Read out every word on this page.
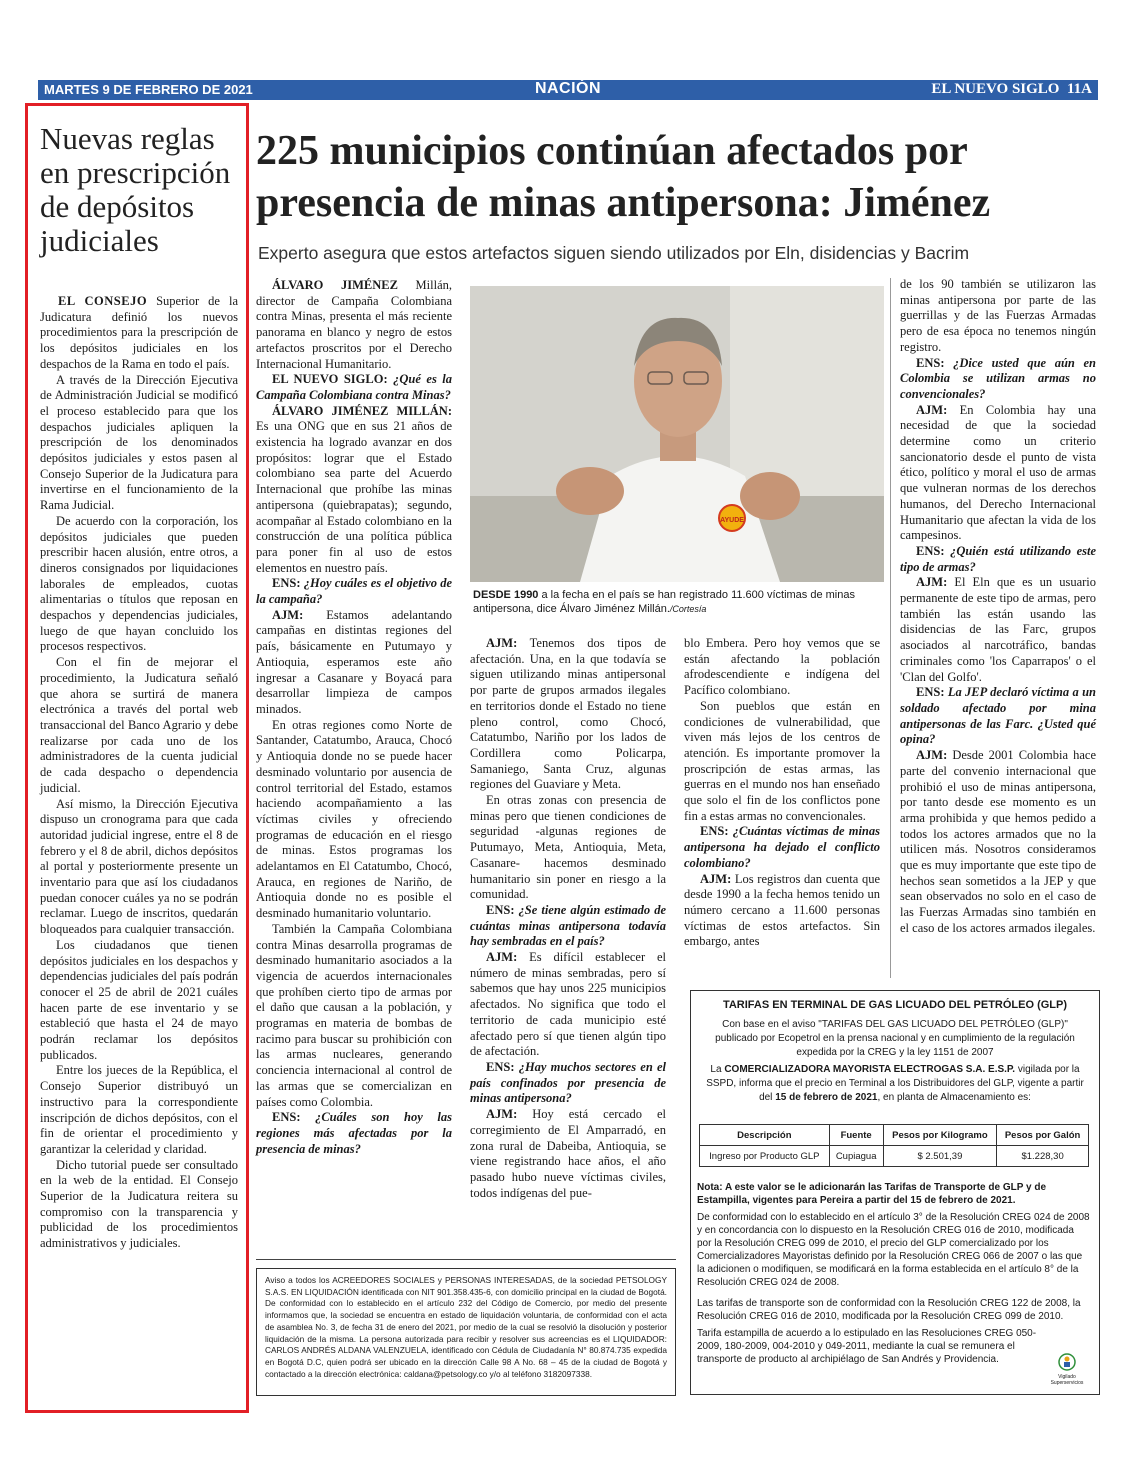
MARTES 9 DE FEBRERO DE 2021	NACIÓN	EL NUEVO SIGLO 11A
Nuevas reglas en prescripción de depósitos judiciales

EL CONSEJO Superior de la Judicatura definió los nuevos procedimientos para la prescripción de los depósitos judiciales en los despachos de la Rama en todo el país.

A través de la Dirección Ejecutiva de Administración Judicial se modificó el proceso establecido para que los despachos judiciales apliquen la prescripción de los denominados depósitos judiciales y estos pasen al Consejo Superior de la Judicatura para invertirse en el funcionamiento de la Rama Judicial.

De acuerdo con la corporación, los depósitos judiciales que pueden prescribir hacen alusión, entre otros, a dineros consignados por liquidaciones laborales de empleados, cuotas alimentarias o títulos que reposan en despachos y dependencias judiciales, luego de que hayan concluido los procesos respectivos.

Con el fin de mejorar el procedimiento, la Judicatura señaló que ahora se surtirá de manera electrónica a través del portal web transaccional del Banco Agrario y debe realizarse por cada uno de los administradores de la cuenta judicial de cada despacho o dependencia judicial.

Así mismo, la Dirección Ejecutiva dispuso un cronograma para que cada autoridad judicial ingrese, entre el 8 de febrero y el 8 de abril, dichos depósitos al portal y posteriormente presente un inventario para que así los ciudadanos puedan conocer cuáles ya no se podrán reclamar. Luego de inscritos, quedarán bloqueados para cualquier transacción.

Los ciudadanos que tienen depósitos judiciales en los despachos y dependencias judiciales del país podrán conocer el 25 de abril de 2021 cuáles hacen parte de ese inventario y se estableció que hasta el 24 de mayo podrán reclamar los depósitos publicados.

Entre los jueces de la República, el Consejo Superior distribuyó un instructivo para la correspondiente inscripción de dichos depósitos, con el fin de orientar el procedimiento y garantizar la celeridad y claridad.

Dicho tutorial puede ser consultado en la web de la entidad. El Consejo Superior de la Judicatura reitera su compromiso con la transparencia y publicidad de los procedimientos administrativos y judiciales.

225 municipios continúan afectados por presencia de minas antipersona: Jiménez
Experto asegura que estos artefactos siguen siendo utilizados por Eln, disidencias y Bacrim

ÁLVARO JIMÉNEZ Millán, director de Campaña Colombiana contra Minas, presenta el más reciente panorama en blanco y negro de estos artefactos proscritos por el Derecho Internacional Humanitario.

EL NUEVO SIGLO: ¿Qué es la Campaña Colombiana contra Minas?

ÁLVARO JIMÉNEZ MILLÁN: Es una ONG que en sus 21 años de existencia ha logrado avanzar en dos propósitos: lograr que el Estado colombiano sea parte del Acuerdo Internacional que prohíbe las minas antipersona (quiebrapatas); segundo, acompañar al Estado colombiano en la construcción de una política pública para poner fin al uso de estos elementos en nuestro país.

ENS: ¿Hoy cuáles es el objetivo de la campaña?

AJM: Estamos adelantando campañas en distintas regiones del país, básicamente en Putumayo y Antioquia, esperamos este año ingresar a Casanare y Boyacá para desarrollar limpieza de campos minados.

En otras regiones como Norte de Santander, Catatumbo, Arauca, Chocó y Antioquia donde no se puede hacer desminado voluntario por ausencia de control territorial del Estado, estamos haciendo acompañamiento a las víctimas civiles y ofreciendo programas de educación en el riesgo de minas. Estos programas los adelantamos en El Catatumbo, Chocó, Arauca, en regiones de Nariño, de Antioquia donde no es posible el desminado humanitario voluntario.

También la Campaña Colombiana contra Minas desarrolla programas de desminado humanitario asociados a la vigencia de acuerdos internacionales que prohíben cierto tipo de armas por el daño que causan a la población, y programas en materia de bombas de racimo para buscar su prohibición con las armas nucleares, generando conciencia internacional al control de las armas que se comercializan en países como Colombia.

ENS: ¿Cuáles son hoy las regiones más afectadas por la presencia de minas?

AYUDE
DESDE 1990 a la fecha en el país se han registrado 11.600 víctimas de minas antipersona, dice Álvaro Jiménez Millán./Cortesía

AJM: Tenemos dos tipos de afectación. Una, en la que todavía se siguen utilizando minas antipersonal por parte de grupos armados ilegales en territorios donde el Estado no tiene pleno control, como Chocó, Catatumbo, Nariño por los lados de Cordillera como Policarpa, Samaniego, Santa Cruz, algunas regiones del Guaviare y Meta.

En otras zonas con presencia de minas pero que tienen condiciones de seguridad -algunas regiones de Putumayo, Meta, Antioquia, Meta, Casanare- hacemos desminado humanitario sin poner en riesgo a la comunidad.

ENS: ¿Se tiene algún estimado de cuántas minas antipersona todavía hay sembradas en el país?

AJM: Es difícil establecer el número de minas sembradas, pero sí sabemos que hay unos 225 municipios afectados. No significa que todo el territorio de cada municipio esté afectado pero sí que tienen algún tipo de afectación.

ENS: ¿Hay muchos sectores en el país confinados por presencia de minas antipersona?

AJM: Hoy está cercado el corregimiento de El Amparradó, en zona rural de Dabeiba, Antioquia, se viene registrando hace años, el año pasado hubo nueve víctimas civiles, todos indígenas del pue-

blo Embera. Pero hoy vemos que se están afectando la población afrodescendiente e indígena del Pacífico colombiano.

Son pueblos que están en condiciones de vulnerabilidad, que viven más lejos de los centros de atención. Es importante promover la proscripción de estas armas, las guerras en el mundo nos han enseñado que solo el fin de los conflictos pone fin a estas armas no convencionales.

ENS: ¿Cuántas víctimas de minas antipersona ha dejado el conflicto colombiano?

AJM: Los registros dan cuenta que desde 1990 a la fecha hemos tenido un número cercano a 11.600 personas víctimas de estos artefactos. Sin embargo, antes

de los 90 también se utilizaron las minas antipersona por parte de las guerrillas y de las Fuerzas Armadas pero de esa época no tenemos ningún registro.

ENS: ¿Dice usted que aún en Colombia se utilizan armas no convencionales?

AJM: En Colombia hay una necesidad de que la sociedad determine como un criterio sancionatorio desde el punto de vista ético, político y moral el uso de armas que vulneran normas de los derechos humanos, del Derecho Internacional Humanitario que afectan la vida de los campesinos.

ENS: ¿Quién está utilizando este tipo de armas?

AJM: El Eln que es un usuario permanente de este tipo de armas, pero también las están usando las disidencias de las Farc, grupos asociados al narcotráfico, bandas criminales como 'los Caparrapos' o el 'Clan del Golfo'.

ENS: La JEP declaró víctima a un soldado afectado por mina antipersonas de las Farc. ¿Usted qué opina?

AJM: Desde 2001 Colombia hace parte del convenio internacional que prohibió el uso de minas antipersona, por tanto desde ese momento es un arma prohibida y que hemos pedido a todos los actores armados que no la utilicen más. Nosotros consideramos que es muy importante que este tipo de hechos sean sometidos a la JEP y que sean observados no solo en el caso de las Fuerzas Armadas sino también en el caso de los actores armados ilegales.

TARIFAS EN TERMINAL DE GAS LICUADO DEL PETRÓLEO (GLP)
Con base en el aviso "TARIFAS DEL GAS LICUADO DEL PETRÓLEO (GLP)" publicado por Ecopetrol en la prensa nacional y en cumplimiento de la regulación expedida por la CREG y la ley 1151 de 2007
La COMERCIALIZADORA MAYORISTA ELECTROGAS S.A. E.S.P. vigilada por la SSPD, informa que el precio en Terminal a los Distribuidores del GLP, vigente a partir del 15 de febrero de 2021, en planta de Almacenamiento es:
Descripción	Fuente	Pesos por Kilogramo	Pesos por Galón
Ingreso por Producto GLP	Cupiagua	$ 2.501,39	$1.228,30
Nota: A este valor se le adicionarán las Tarifas de Transporte de GLP y de Estampilla, vigentes para Pereira a partir del 15 de febrero de 2021.
De conformidad con lo establecido en el artículo 3° de la Resolución CREG 024 de 2008 y en concordancia con lo dispuesto en la Resolución CREG 016 de 2010, modificada por la Resolución CREG 099 de 2010, el precio del GLP comercializado por los Comercializadores Mayoristas definido por la Resolución CREG 066 de 2007 o las que la adicionen o modifiquen, se modificará en la forma establecida en el artículo 8° de la Resolución CREG 024 de 2008.
Las tarifas de transporte son de conformidad con la Resolución CREG 122 de 2008, la Resolución CREG 016 de 2010, modificada por la Resolución CREG 099 de 2010.
Tarifa estampilla de acuerdo a lo estipulado en las Resoluciones CREG 050-2009, 180-2009, 004-2010 y 049-2011, mediante la cual se remunera el transporte de producto al archipiélago de San Andrés y Providencia.
Vigilado Superservicios
Aviso a todos los ACREEDORES SOCIALES y PERSONAS INTERESADAS, de la sociedad PETSOLOGY S.A.S. EN LIQUIDACIÓN identificada con NIT 901.358.435-6, con domicilio principal en la ciudad de Bogotá. De conformidad con lo establecido en el artículo 232 del Código de Comercio, por medio del presente informamos que, la sociedad se encuentra en estado de liquidación voluntaria, de conformidad con el acta de asamblea No. 3, de fecha 31 de enero del 2021, por medio de la cual se resolvió la disolución y posterior liquidación de la misma. La persona autorizada para recibir y resolver sus acreencias es el LIQUIDADOR: CARLOS ANDRÉS ALDANA VALENZUELA, identificado con Cédula de Ciudadanía N° 80.874.735 expedida en Bogotá D.C, quien podrá ser ubicado en la dirección Calle 98 A No. 68 – 45 de la ciudad de Bogotá y contactado a la dirección electrónica: caldana@petsology.co y/o al teléfono 3182097338.
